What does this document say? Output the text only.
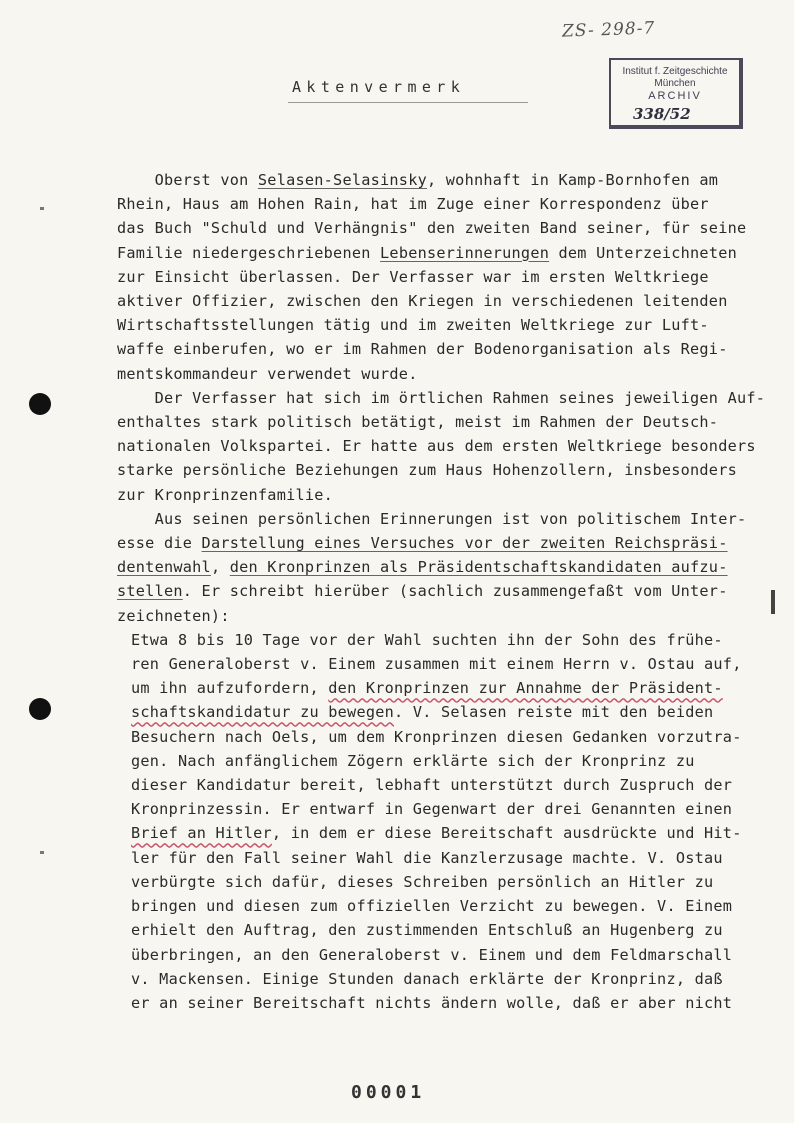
ZS- 298-7

Institut f. Zeitgeschichte
München
ARCHIV
338/52
Aktenvermerk
Oberst von Selasen-Selasinsky, wohnhaft in Kamp-Bornhofen am
Rhein, Haus am Hohen Rain, hat im Zuge einer Korrespondenz über
das Buch "Schuld und Verhängnis" den zweiten Band seiner, für seine
Familie niedergeschriebenen Lebenserinnerungen dem Unterzeichneten
zur Einsicht überlassen. Der Verfasser war im ersten Weltkriege
aktiver Offizier, zwischen den Kriegen in verschiedenen leitenden
Wirtschaftsstellungen tätig und im zweiten Weltkriege zur Luft-
waffe einberufen, wo er im Rahmen der Bodenorganisation als Regi-
mentskommandeur verwendet wurde.
Der Verfasser hat sich im örtlichen Rahmen seines jeweiligen Auf-
enthaltes stark politisch betätigt, meist im Rahmen der Deutsch-
nationalen Volkspartei. Er hatte aus dem ersten Weltkriege besonders
starke persönliche Beziehungen zum Haus Hohenzollern, insbesonders
zur Kronprinzenfamilie.
Aus seinen persönlichen Erinnerungen ist von politischem Inter-
esse die Darstellung eines Versuches vor der zweiten Reichspräsi-
dentenwahl, den Kronprinzen als Präsidentschaftskandidaten aufzu-
stellen. Er schreibt hierüber (sachlich zusammengefaßt vom Unter-
zeichneten):
Etwa 8 bis 10 Tage vor der Wahl suchten ihn der Sohn des frühe-
ren Generaloberst v. Einem zusammen mit einem Herrn v. Ostau auf,
um ihn aufzufordern, den Kronprinzen zur Annahme der Präsident-
schaftskandidatur zu bewegen. V. Selasen reiste mit den beiden
Besuchern nach Oels, um dem Kronprinzen diesen Gedanken vorzutra-
gen. Nach anfänglichem Zögern erklärte sich der Kronprinz zu
dieser Kandidatur bereit, lebhaft unterstützt durch Zuspruch der
Kronprinzessin. Er entwarf in Gegenwart der drei Genannten einen
Brief an Hitler, in dem er diese Bereitschaft ausdrückte und Hit-
ler für den Fall seiner Wahl die Kanzlerzusage machte. V. Ostau
verbürgte sich dafür, dieses Schreiben persönlich an Hitler zu
bringen und diesen zum offiziellen Verzicht zu bewegen. V. Einem
erhielt den Auftrag, den zustimmenden Entschluß an Hugenberg zu
überbringen, an den Generaloberst v. Einem und dem Feldmarschall
v. Mackensen. Einige Stunden danach erklärte der Kronprinz, daß
er an seiner Bereitschaft nichts ändern wolle, daß er aber nicht

00001
